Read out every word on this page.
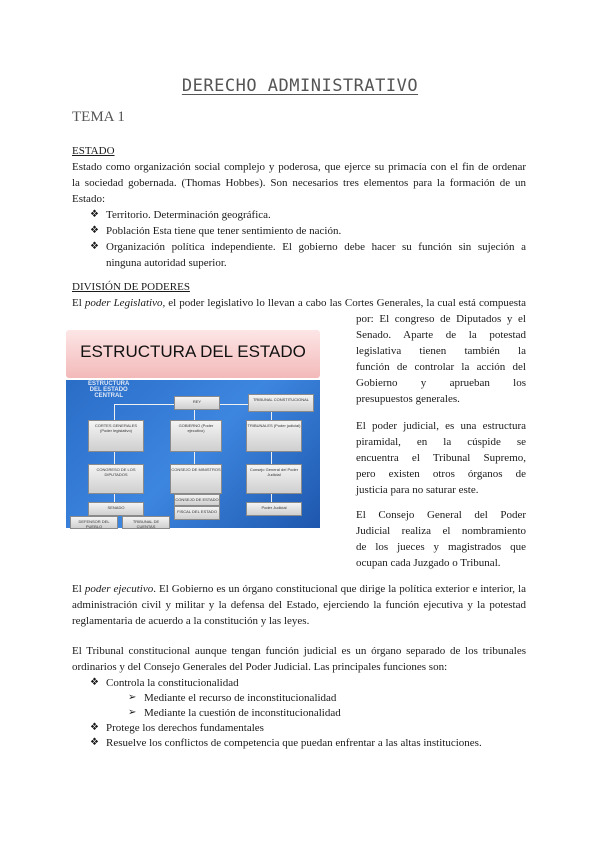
DERECHO ADMINISTRATIVO
TEMA 1
ESTADO
Estado como organización social complejo y poderosa, que ejerce su primacía con el fin de ordenar
la sociedad gobernada. (Thomas Hobbes). Son necesarios tres elementos para la formación de un
Estado:
❖ Territorio. Determinación geográfica.
❖ Población Esta tiene que tener sentimiento de nación.
❖ Organización política independiente. El gobierno debe hacer su función sin sujeción a
ninguna autoridad superior.
DIVISIÓN DE PODERES
El poder Legislativo, el poder legislativo lo llevan a cabo las Cortes Generales, la cual está compuesta
por: El congreso de Diputados y el
Senado. Aparte de la potestad
legislativa tienen también la
función de controlar la acción del
Gobierno y aprueban los
presupuestos generales.
El poder judicial, es una estructura
piramidal, en la cúspide se
encuentra el Tribunal Supremo,
pero existen otros órganos de
justicia para no saturar este.
El Consejo General del Poder
Judicial realiza el nombramiento
de los jueces y magistrados que
ocupan cada Juzgado o Tribunal.
ESTRUCTURA DEL ESTADO
ESTRUCTURA
DEL ESTADO
CENTRAL
REY	TRIBUNAL CONSTITUCIONAL
CORTES GENERALES (Poder legislativo)
GOBIERNO (Poder ejecutivo)
TRIBUNALES (Poder judicial)
CONGRESO DE LOS DIPUTADOS
CONSEJO DE MINISTROS	Consejo General del Poder Judicial
SENADO
CONSEJO DE ESTADO
FISCAL DEL ESTADO
Poder Judicial
DEFENSOR DEL PUEBLO
TRIBUNAL DE CUENTAS
El poder ejecutivo. El Gobierno es un órgano constitucional que dirige la política exterior e interior, la
administración civil y militar y la defensa del Estado, ejerciendo la función ejecutiva y la potestad
reglamentaria de acuerdo a la constitución y las leyes.
El Tribunal constitucional aunque tengan función judicial es un órgano separado de los tribunales
ordinarios y del Consejo Generales del Poder Judicial. Las principales funciones son:
❖ Controla la constitucionalidad
➢ Mediante el recurso de inconstitucionalidad
➢ Mediante la cuestión de inconstitucionalidad
❖ Protege los derechos fundamentales
❖ Resuelve los conflictos de competencia que puedan enfrentar a las altas instituciones.
